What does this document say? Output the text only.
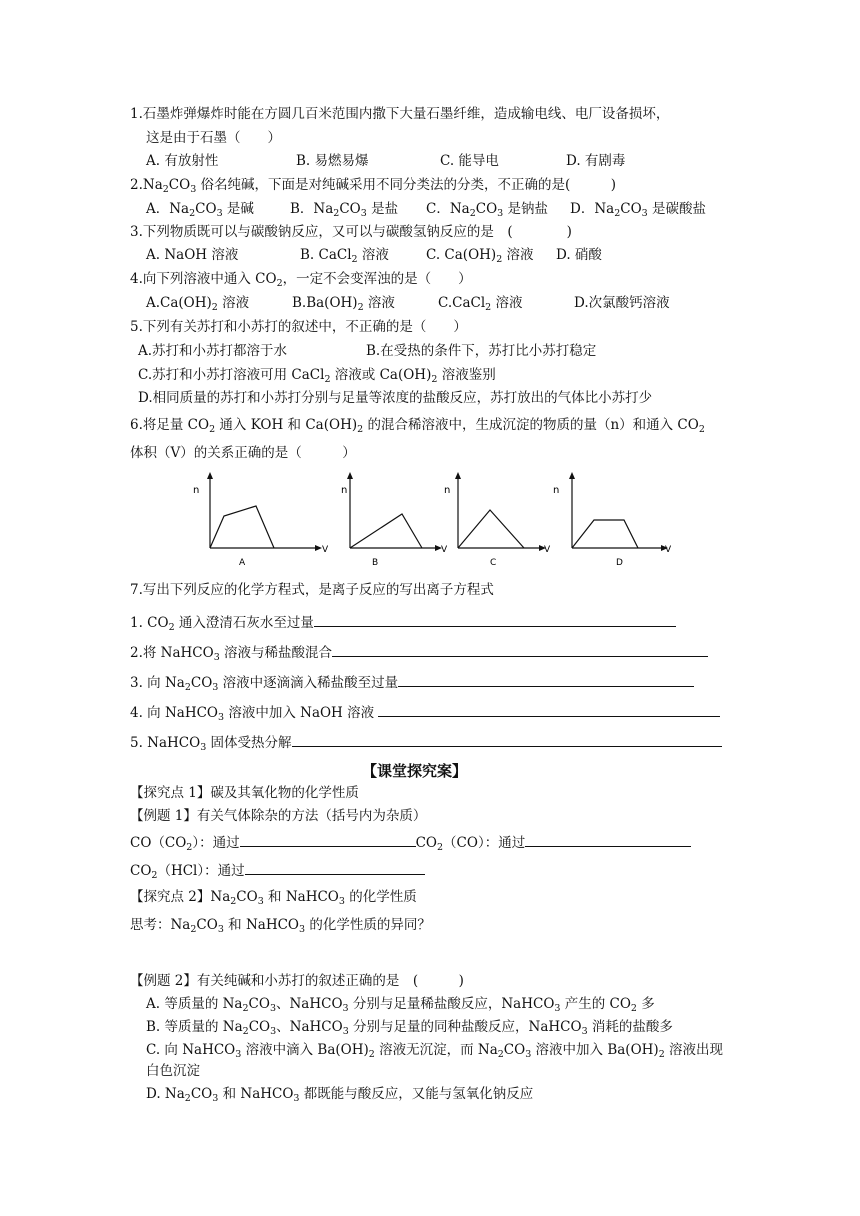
1.石墨炸弹爆炸时能在方圆几百米范围内撒下大量石墨纤维，造成输电线、电厂设备损坏，
这是由于石墨（　　）
A. 有放射性	B. 易燃易爆	C. 能导电	D. 有剧毒
$2.Na_2CO_3$ 俗名纯碱，下面是对纯碱采用不同分类法的分类，不正确的是(　　　)
A．$Na_2CO_3$ 是碱	B．$Na_2CO_3$ 是盐 C．$Na_2CO_3$ 是钠盐 D．$Na_2CO_3$ 是碳酸盐
3.下列物质既可以与碳酸钠反应，又可以与碳酸氢钠反应的是　(　　　　)
A. NaOH 溶液	B. CaCl$_2$ 溶液	C. $Ca(OH)_2$ 溶液 D. 硝酸
4.向下列溶液中通入 $CO_2$，一定不会变浑浊的是（　　）
$A.Ca(OH)_2$ 溶液	$B.Ba(OH)_2$ 溶液	C.CaCl$_2$ 溶液	D.次氯酸钙溶液
5.下列有关苏打和小苏打的叙述中，不正确的是（　　）
A.苏打和小苏打都溶于水	B.在受热的条件下，苏打比小苏打稳定
C.苏打和小苏打溶液可用 CaCl$_2$ 溶液或 $Ca(OH)_2$ 溶液鉴别
D.相同质量的苏打和小苏打分别与足量等浓度的盐酸反应，苏打放出的气体比小苏打少
6.将足量 $CO_2$ 通入 KOH 和 $Ca(OH)_2$ 的混合稀溶液中，生成沉淀的物质的量（n）和通入 $CO_2$
体积（V）的关系正确的是（　　　）
n
V
A
n
V
B
n
V
C
n
V
D
7.写出下列反应的化学方程式，是离子反应的写出离子方程式
1. $CO_2$ 通入澄清石灰水至过量
2.将 NaHCO$_3$ 溶液与稀盐酸混合
3. 向 $Na_2CO_3$ 溶液中逐滴滴入稀盐酸至过量
4. 向 NaHCO$_3$ 溶液中加入 NaOH 溶液
5. NaHCO$_3$ 固体受热分解
【课堂探究案】
【探究点 1】碳及其氧化物的化学性质
【例题 1】有关气体除杂的方法（括号内为杂质）
$CO(CO_2)$：通过	$CO_2(CO)$：通过
$CO_2(HCl)$：通过
【探究点 2】$Na_2CO_3$ 和 NaHCO$_3$ 的化学性质
思考：$Na_2CO_3$ 和 NaHCO$_3$ 的化学性质的异同？
【例题 2】有关纯碱和小苏打的叙述正确的是　(　　　)
A. 等质量的 $Na_2CO_3$、NaHCO$_3$ 分别与足量稀盐酸反应，NaHCO$_3$ 产生的 $CO_2$ 多
B. 等质量的 $Na_2CO_3$、NaHCO$_3$ 分别与足量的同种盐酸反应，NaHCO$_3$ 消耗的盐酸多
C. 向 NaHCO$_3$ 溶液中滴入 $Ba(OH)_2$ 溶液无沉淀，而 $Na_2CO_3$ 溶液中加入 $Ba(OH)_2$ 溶液出现
白色沉淀
D. $Na_2CO_3$ 和 NaHCO$_3$ 都既能与酸反应，又能与氢氧化钠反应
